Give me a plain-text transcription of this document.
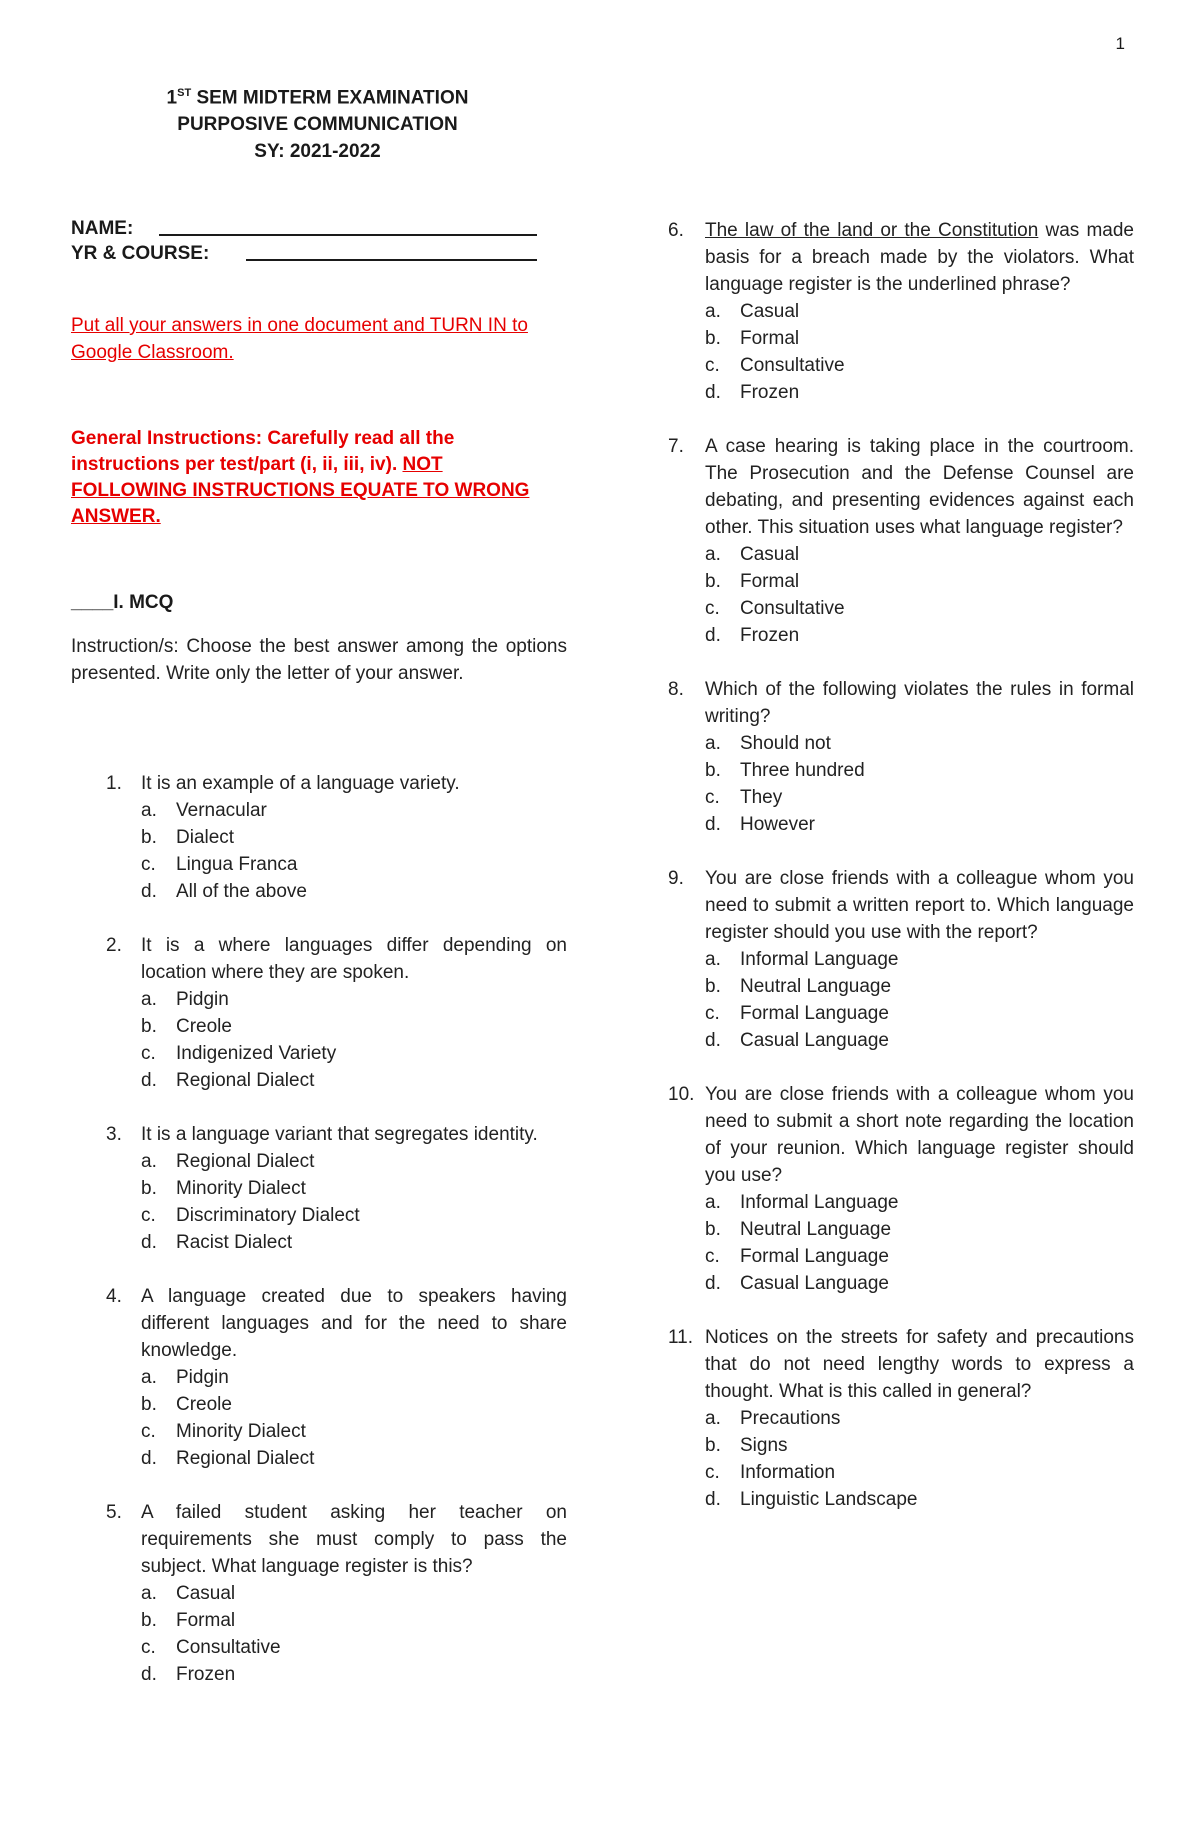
1
1ST SEM MIDTERM EXAMINATION
PURPOSIVE COMMUNICATION
SY: 2021-2022
NAME:
YR & COURSE:
Put all your answers in one document and TURN IN to Google Classroom.
General Instructions: Carefully read all the instructions per test/part (i, ii, iii, iv). NOT FOLLOWING INSTRUCTIONS EQUATE TO WRONG ANSWER.
____I. MCQ
Instruction/s: Choose the best answer among the options presented. Write only the letter of your answer.
1. It is an example of a language variety.
a. Vernacular
b. Dialect
c. Lingua Franca
d. All of the above
2. It is a where languages differ depending on location where they are spoken.
a. Pidgin
b. Creole
c. Indigenized Variety
d. Regional Dialect
3. It is a language variant that segregates identity.
a. Regional Dialect
b. Minority Dialect
c. Discriminatory Dialect
d. Racist Dialect
4. A language created due to speakers having different languages and for the need to share knowledge.
a. Pidgin
b. Creole
c. Minority Dialect
d. Regional Dialect
5. A failed student asking her teacher on requirements she must comply to pass the subject. What language register is this?
a. Casual
b. Formal
c. Consultative
d. Frozen
6. The law of the land or the Constitution was made basis for a breach made by the violators. What language register is the underlined phrase?
a. Casual
b. Formal
c. Consultative
d. Frozen
7. A case hearing is taking place in the courtroom. The Prosecution and the Defense Counsel are debating, and presenting evidences against each other. This situation uses what language register?
a. Casual
b. Formal
c. Consultative
d. Frozen
8. Which of the following violates the rules in formal writing?
a. Should not
b. Three hundred
c. They
d. However
9. You are close friends with a colleague whom you need to submit a written report to. Which language register should you use with the report?
a. Informal Language
b. Neutral Language
c. Formal Language
d. Casual Language
10. You are close friends with a colleague whom you need to submit a short note regarding the location of your reunion. Which language register should you use?
a. Informal Language
b. Neutral Language
c. Formal Language
d. Casual Language
11. Notices on the streets for safety and precautions that do not need lengthy words to express a thought. What is this called in general?
a. Precautions
b. Signs
c. Information
d. Linguistic Landscape
